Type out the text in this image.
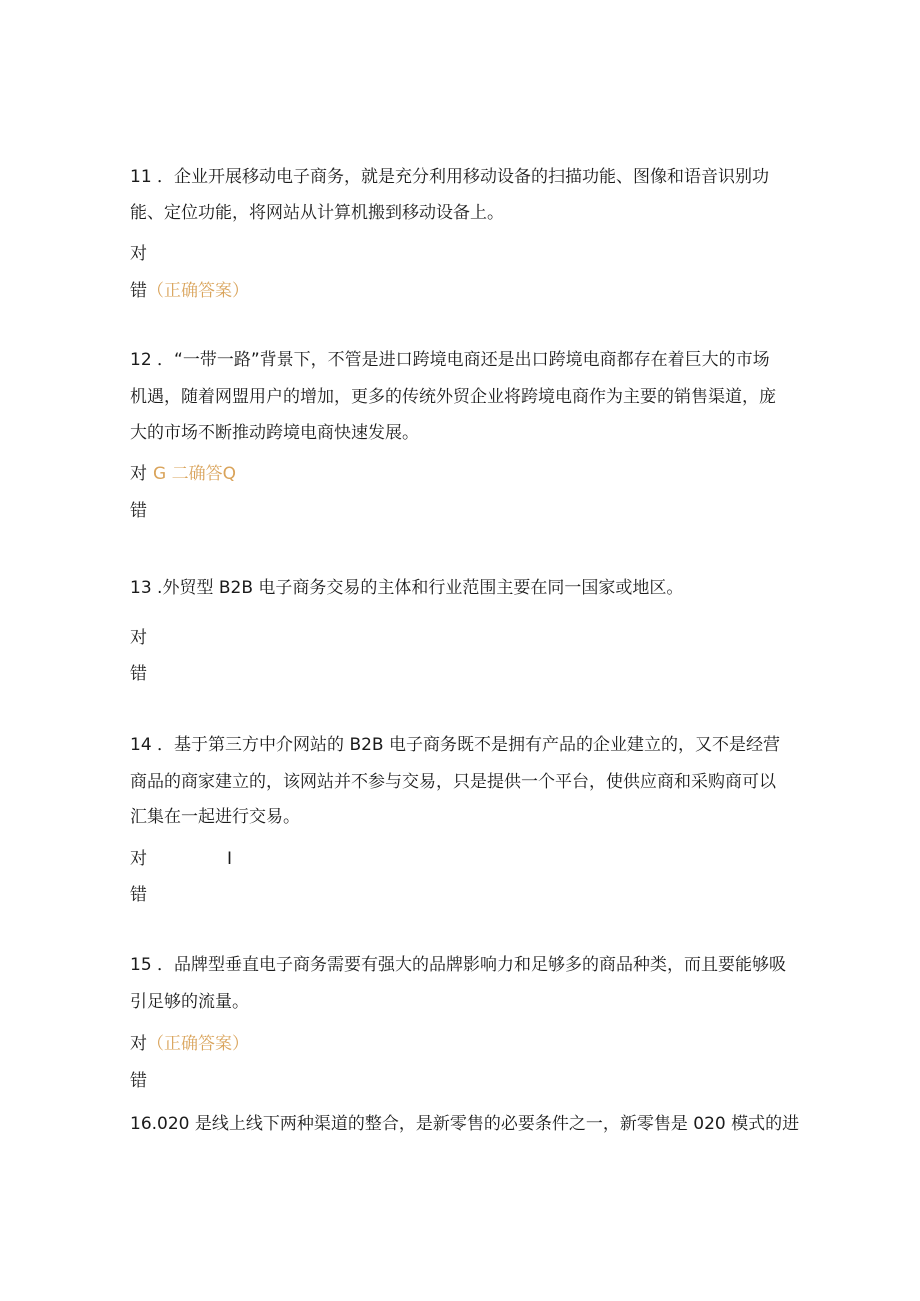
11 ．企业开展移动电子商务，就是充分利用移动设备的扫描功能、图像和语音识别功
能、定位功能，将网站从计算机搬到移动设备上。
对
错（正确答案）
12 ．“一带一路”背景下，不管是进口跨境电商还是出口跨境电商都存在着巨大的市场
机遇，随着网盟用户的增加，更多的传统外贸企业将跨境电商作为主要的销售渠道，庞
大的市场不断推动跨境电商快速发展。
对 G 二确答Q
错
13 .外贸型 B2B 电子商务交易的主体和行业范围主要在同一国家或地区。
对
错
14 ．基于第三方中介网站的 B2B 电子商务既不是拥有产品的企业建立的，又不是经营
商品的商家建立的，该网站并不参与交易，只是提供一个平台，使供应商和采购商可以
汇集在一起进行交易。
对	I
错
15 ．品牌型垂直电子商务需要有强大的品牌影响力和足够多的商品种类，而且要能够吸
引足够的流量。
对（正确答案）
错
16.020 是线上线下两种渠道的整合，是新零售的必要条件之一，新零售是 020 模式的进
